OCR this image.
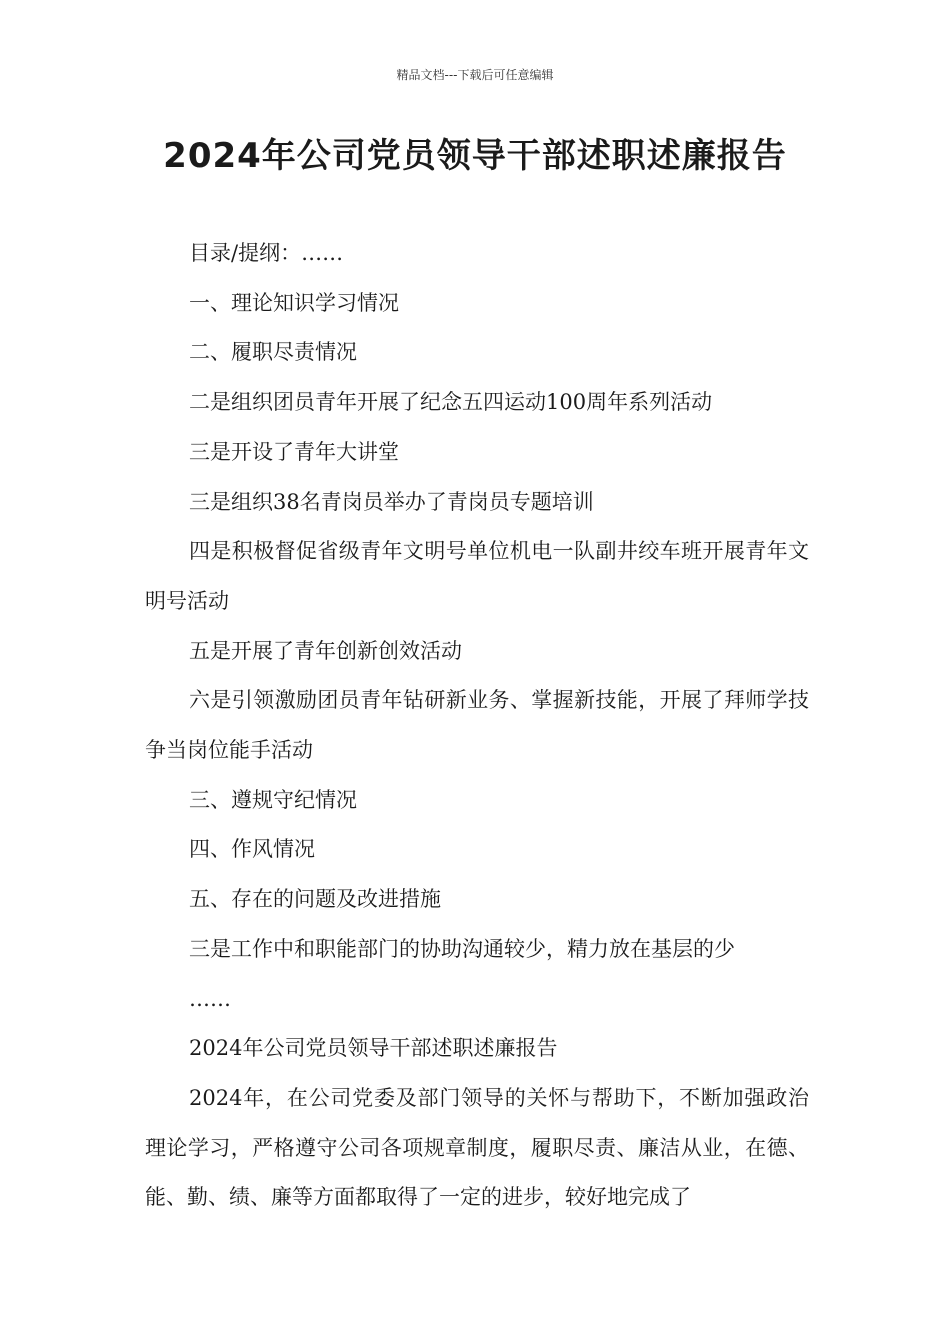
精品文档---下载后可任意编辑
2024年公司党员领导干部述职述廉报告

目录/提纲：……

一、理论知识学习情况

二、履职尽责情况

二是组织团员青年开展了纪念五四运动100周年系列活动

三是开设了青年大讲堂

三是组织38名青岗员举办了青岗员专题培训

四是积极督促省级青年文明号单位机电一队副井绞车班开展青年文明号活动

五是开展了青年创新创效活动

六是引领激励团员青年钻研新业务、掌握新技能，开展了拜师学技争当岗位能手活动

三、遵规守纪情况

四、作风情况

五、存在的问题及改进措施

三是工作中和职能部门的协助沟通较少，精力放在基层的少

……

2024年公司党员领导干部述职述廉报告

2024年，在公司党委及部门领导的关怀与帮助下，不断加强政治理论学习，严格遵守公司各项规章制度，履职尽责、廉洁从业，在德、能、勤、绩、廉等方面都取得了一定的进步，较好地完成了
